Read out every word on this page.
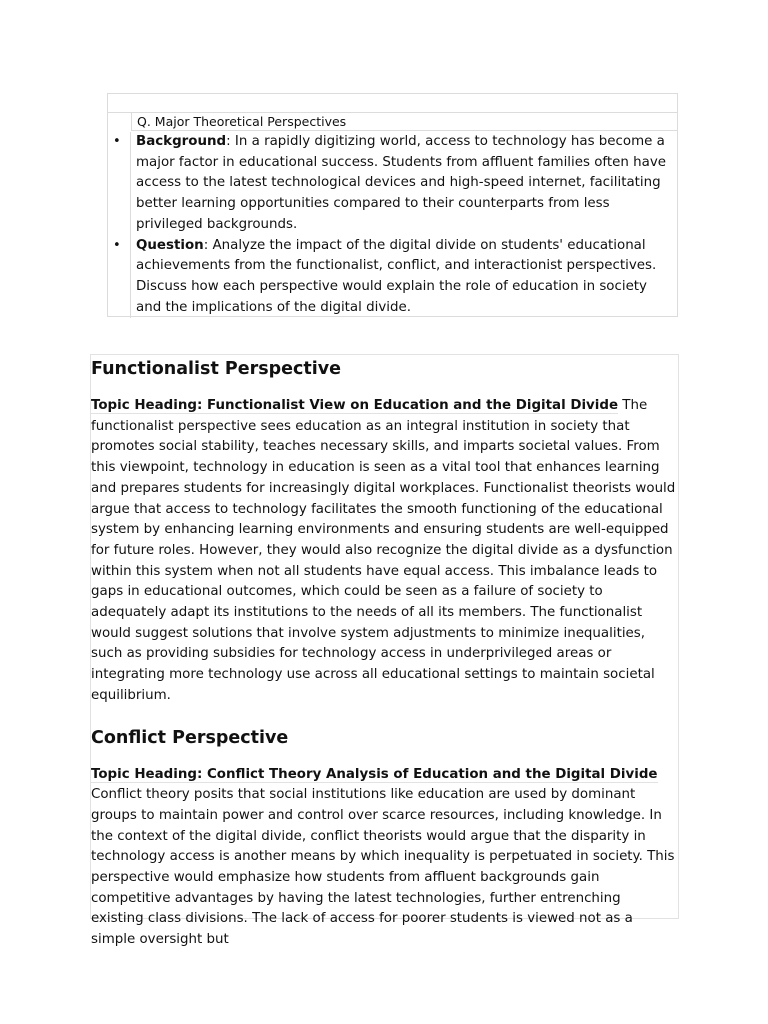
Q. Major Theoretical Perspectives
•	Background: In a rapidly digitizing world, access to technology has become a major factor in educational success. Students from affluent families often have access to the latest technological devices and high-speed internet, facilitating better learning opportunities compared to their counterparts from less privileged backgrounds.
•	Question: Analyze the impact of the digital divide on students' educational achievements from the functionalist, conflict, and interactionist perspectives. Discuss how each perspective would explain the role of education in society and the implications of the digital divide.
Functionalist Perspective

Topic Heading: Functionalist View on Education and the Digital Divide The functionalist perspective sees education as an integral institution in society that promotes social stability, teaches necessary skills, and imparts societal values. From this viewpoint, technology in education is seen as a vital tool that enhances learning and prepares students for increasingly digital workplaces. Functionalist theorists would argue that access to technology facilitates the smooth functioning of the educational system by enhancing learning environments and ensuring students are well-equipped for future roles. However, they would also recognize the digital divide as a dysfunction within this system when not all students have equal access. This imbalance leads to gaps in educational outcomes, which could be seen as a failure of society to adequately adapt its institutions to the needs of all its members. The functionalist would suggest solutions that involve system adjustments to minimize inequalities, such as providing subsidies for technology access in underprivileged areas or integrating more technology use across all educational settings to maintain societal equilibrium.

Conflict Perspective

Topic Heading: Conflict Theory Analysis of Education and the Digital Divide
Conflict theory posits that social institutions like education are used by dominant groups to maintain power and control over scarce resources, including knowledge. In the context of the digital divide, conflict theorists would argue that the disparity in technology access is another means by which inequality is perpetuated in society. This perspective would emphasize how students from affluent backgrounds gain competitive advantages by having the latest technologies, further entrenching existing class divisions. The lack of access for poorer students is viewed not as a simple oversight but
